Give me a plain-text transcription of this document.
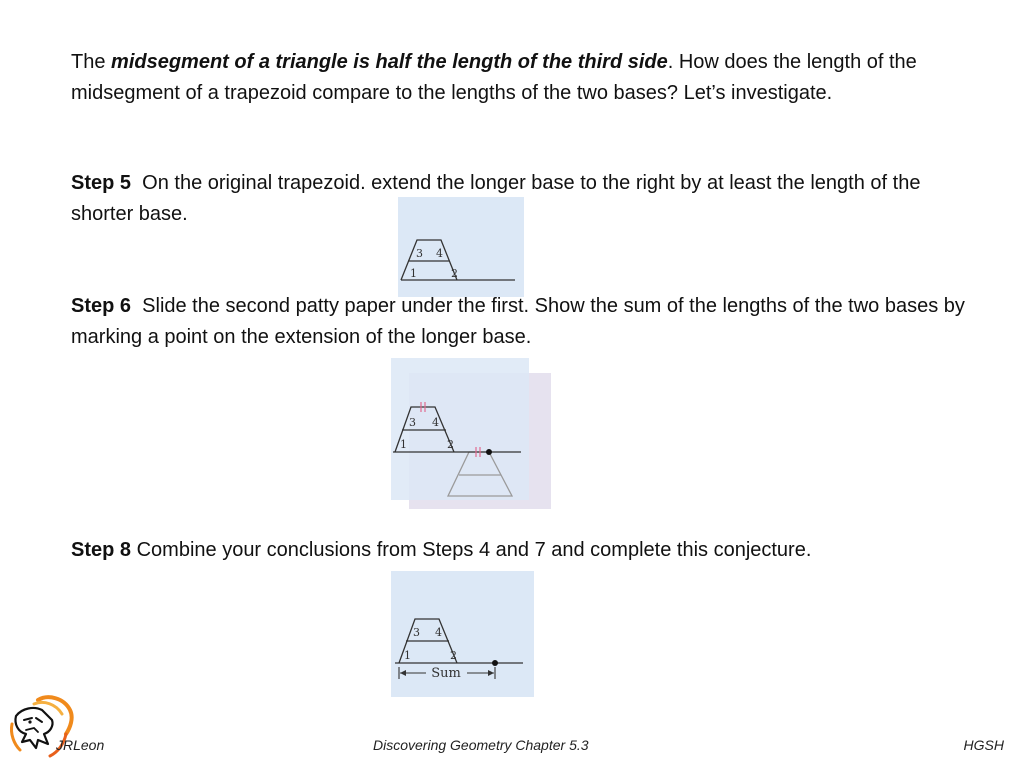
The midsegment of a triangle is half the length of the third side. How does the length of the midsegment of a trapezoid compare to the lengths of the two bases? Let’s investigate.

Step 5 On the original trapezoid. extend the longer base to the right by at least the length of the shorter base.

3 4
1	2

Step 6 Slide the second patty paper under the first. Show the sum of the lengths of the two bases by marking a point on the extension of the longer base.

3 4
1	2

Step 8 Combine your conclusions from Steps 4 and 7 and complete this conjecture.

Sum
3 4
1	2
JRLeon	Discovering Geometry Chapter 5.3	HGSH
